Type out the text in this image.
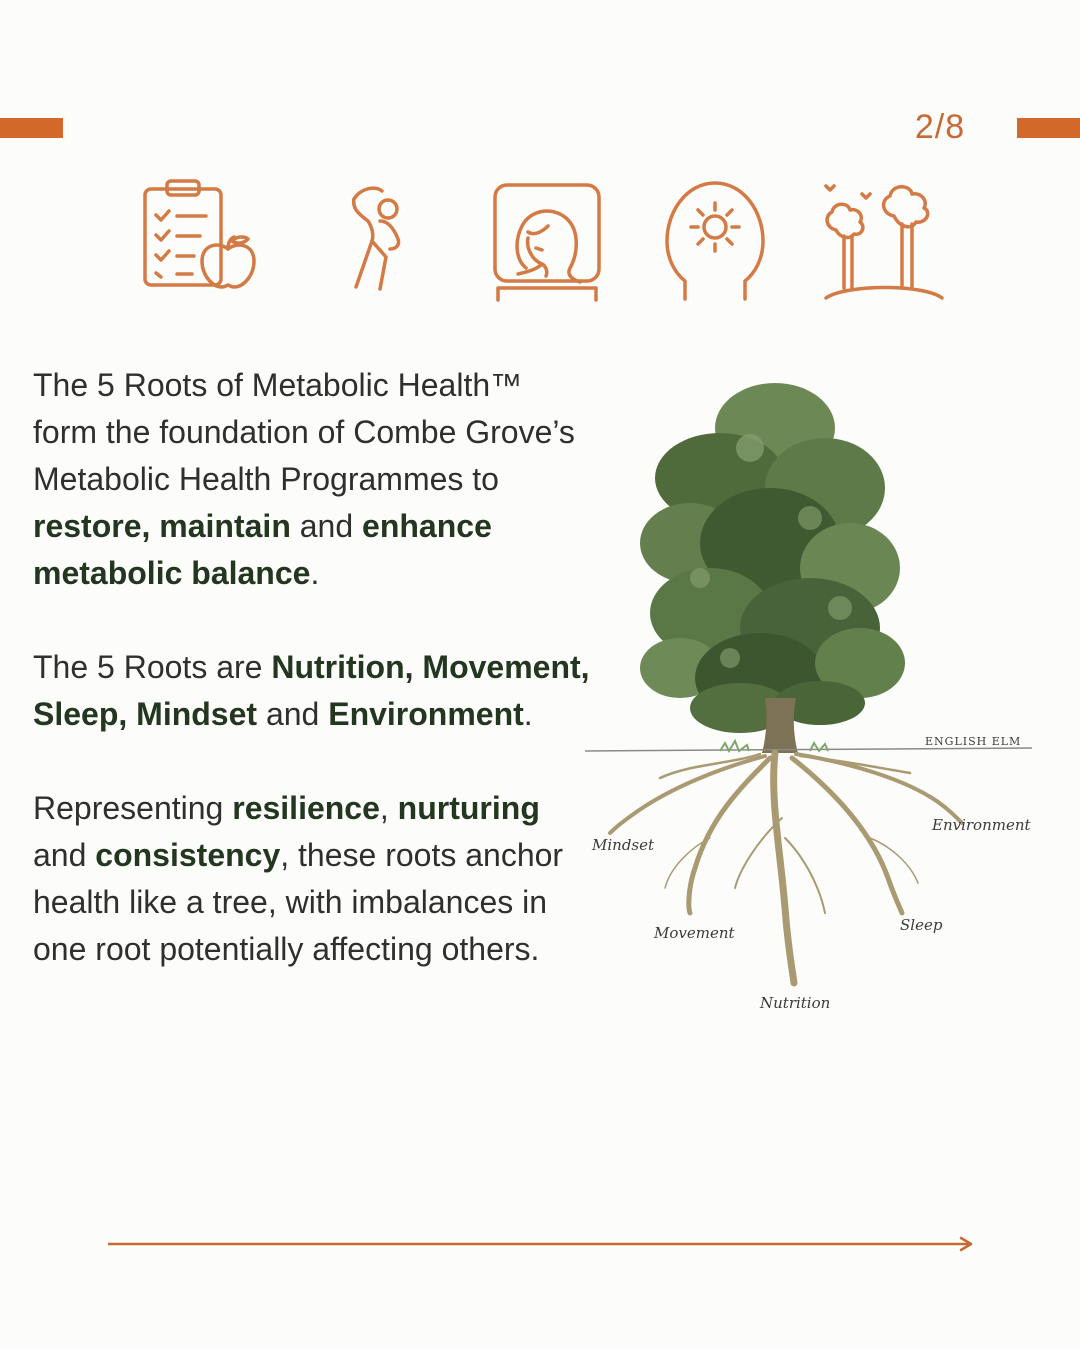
2/8

The 5 Roots of Metabolic Health™ form the foundation of Combe Grove’s Metabolic Health Programmes to restore, maintain and enhance metabolic balance.

The 5 Roots are Nutrition, Movement, Sleep, Mindset and Environment.

Representing resilience, nurturing and consistency, these roots anchor health like a tree, with imbalances in one root potentially affecting others.

ENGLISH ELM
Mindset
Environment
Movement	Sleep
Nutrition
